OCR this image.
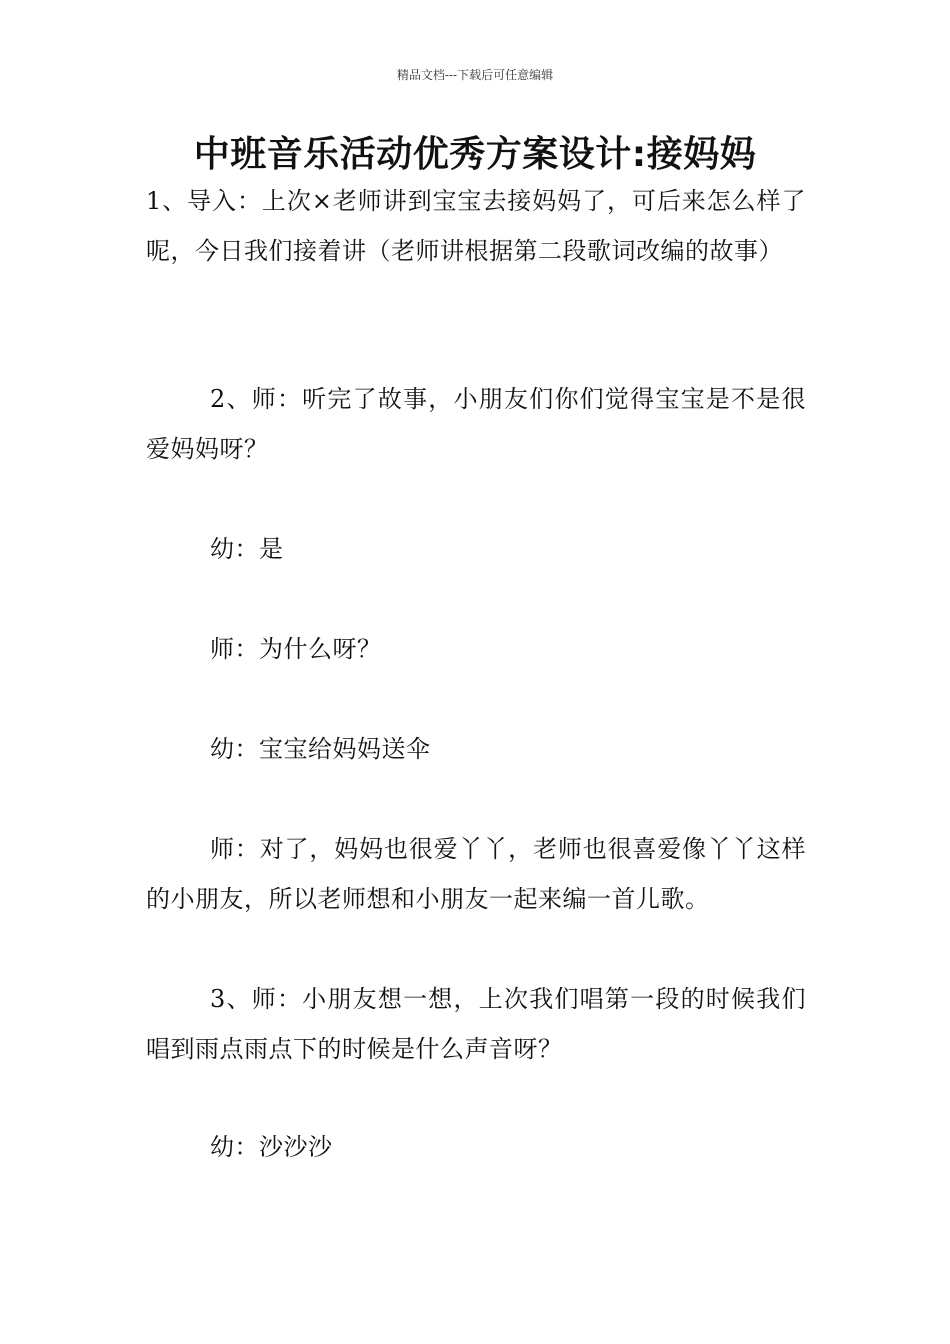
精品文档---下载后可任意编辑
中班音乐活动优秀方案设计:接妈妈

1、导入：上次×老师讲到宝宝去接妈妈了，可后来怎么样了呢，今日我们接着讲（老师讲根据第二段歌词改编的故事）

2、师：听完了故事，小朋友们你们觉得宝宝是不是很爱妈妈呀？

幼：是

师：为什么呀？

幼：宝宝给妈妈送伞

师：对了，妈妈也很爱丫丫，老师也很喜爱像丫丫这样的小朋友，所以老师想和小朋友一起来编一首儿歌。

3、师：小朋友想一想，上次我们唱第一段的时候我们唱到雨点雨点下的时候是什么声音呀？

幼：沙沙沙
